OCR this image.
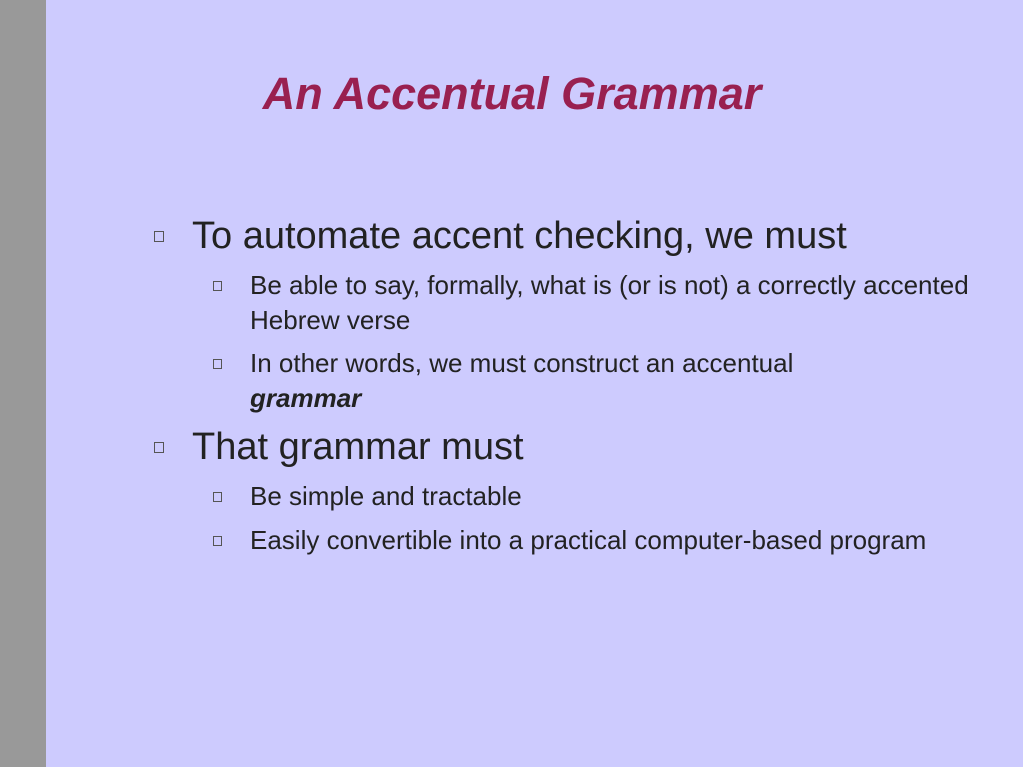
An Accentual Grammar
To automate accent checking, we must
Be able to say, formally, what is (or is not) a correctly accented Hebrew verse
In other words, we must construct an accentual
grammar
That grammar must
Be simple and tractable
Easily convertible into a practical computer-based program
